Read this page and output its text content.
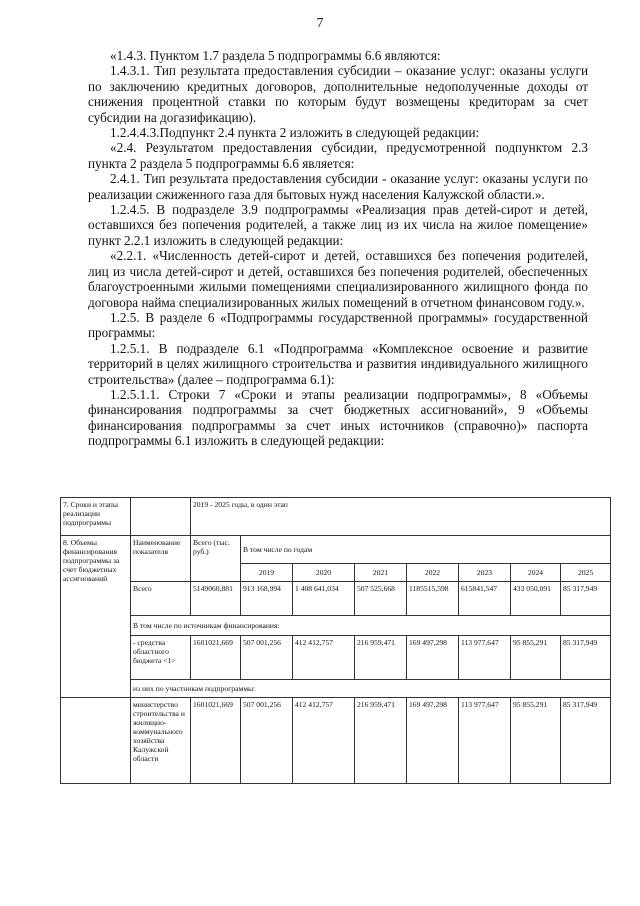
7

«1.4.3. Пунктом 1.7 раздела 5 подпрограммы 6.6 являются:

1.4.3.1. Тип результата предоставления субсидии – оказание услуг: оказаны услуги по заключению кредитных договоров, дополнительные недополученные доходы от снижения процентной ставки по которым будут возмещены кредиторам за счет субсидии на догазификацию).

1.2.4.4.3.Подпункт 2.4 пункта 2 изложить в следующей редакции:

«2.4. Результатом предоставления субсидии, предусмотренной подпунктом 2.3 пункта 2 раздела 5 подпрограммы 6.6 является:

2.4.1. Тип результата предоставления субсидии - оказание услуг: оказаны услуги по реализации сжиженного газа для бытовых нужд населения Калужской области.».

1.2.4.5. В подразделе 3.9 подпрограммы «Реализация прав детей-сирот и детей, оставшихся без попечения родителей, а также лиц из их числа на жилое помещение» пункт 2.2.1 изложить в следующей редакции:

«2.2.1. «Численность детей-сирот и детей, оставшихся без попечения родителей, лиц из числа детей-сирот и детей, оставшихся без попечения родителей, обеспеченных благоустроенными жилыми помещениями специализированного жилищного фонда по договора найма специализированных жилых помещений в отчетном финансовом году.».

1.2.5. В разделе 6 «Подпрограммы государственной программы» государственной программы:

1.2.5.1. В подразделе 6.1 «Подпрограмма «Комплексное освоение и развитие территорий в целях жилищного строительства и развития индивидуального жилищного строительства» (далее – подпрограмма 6.1):

1.2.5.1.1. Строки 7 «Сроки и этапы реализации подпрограммы», 8 «Объемы финансирования подпрограммы за счет бюджетных ассигнований», 9 «Объемы финансирования подпрограммы за счет иных источников (справочно)» паспорта подпрограммы 6.1 изложить в следующей редакции:

7. Сроки и этапы реализации подпрограммы		2019 - 2025 годы, в один этап							
8. Объемы финансирования подпрограммы за счет бюджетных ассигнований	Наименование показателя	Всего (тыс. руб.)	В том числе по годам						
			2019	2020	2021	2022	2023	2024	2025
	Всего	5149060,881	913 168,994	1 408 641,034	507 525,668	1185515,598	615841,547	433 050,091	85 317,949
	В том числе по источникам финансирования:								
	- средства областного бюджета <1>	1601021,669	507 001,256	412 412,757	216 959,471	169 497,298	113 977,647	95 855,291	85 317,949
	из них по участникам подпрограммы:								
	министерство строительства и жилищно-коммунального хозяйства Калужской области	1601021,669	507 001,256	412 412,757	216 959,471	169 497,298	113 977,647	95 855,291	85 317,949
